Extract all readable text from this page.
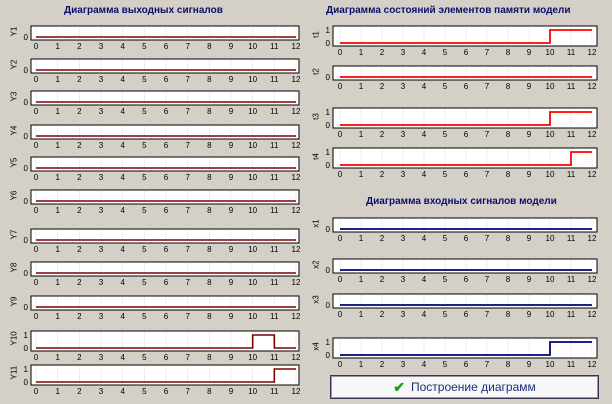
Диаграмма выходных сигналов	Диаграмма состояний элементов памяти модели
Диаграмма входных сигналов модели
Y1
Y2
Y3
Y4
Y5
Y6
Y7
Y8
Y9
Y10
Y11
t1
t2
t3
t4
x1
x2
x3
x4
0
0 1 2 3 4 5 6 7 8 9 10 11 12
0
0 1 2 3 4 5 6 7 8 9 10 11 12
0
0 1 2 3 4 5 6 7 8 9 10 11 12
0
0 1 2 3 4 5 6 7 8 9 10 11 12
0
0 1 2 3 4 5 6 7 8 9 10 11 12
0
0 1 2 3 4 5 6 7 8 9 10 11 12
0
0 1 2 3 4 5 6 7 8 9 10 11 12
0
0 1 2 3 4 5 6 7 8 9 10 11 12
0
0 1 2 3 4 5 6 7 8 9 10 11 12
1
0
0 1 2 3 4 5 6 7 8 9 10 11 12
1
0
0 1 2 3 4 5 6 7 8 9 10 11 12
1
0
0 1 2 3 4 5 6 7 8 9 10 11 12
0
0 1 2 3 4 5 6 7 8 9 10 11 12
1
0
0 1 2 3 4 5 6 7 8 9 10 11 12
1
0
0 1 2 3 4 5 6 7 8 9 10 11 12
0
0 1 2 3 4 5 6 7 8 9 10 11 12
0
0 1 2 3 4 5 6 7 8 9 10 11 12
0
0 1 2 3 4 5 6 7 8 9 10 11 12
1
0
0 1 2 3 4 5 6 7 8 9 10 11 12
✔ Построение диаграмм
